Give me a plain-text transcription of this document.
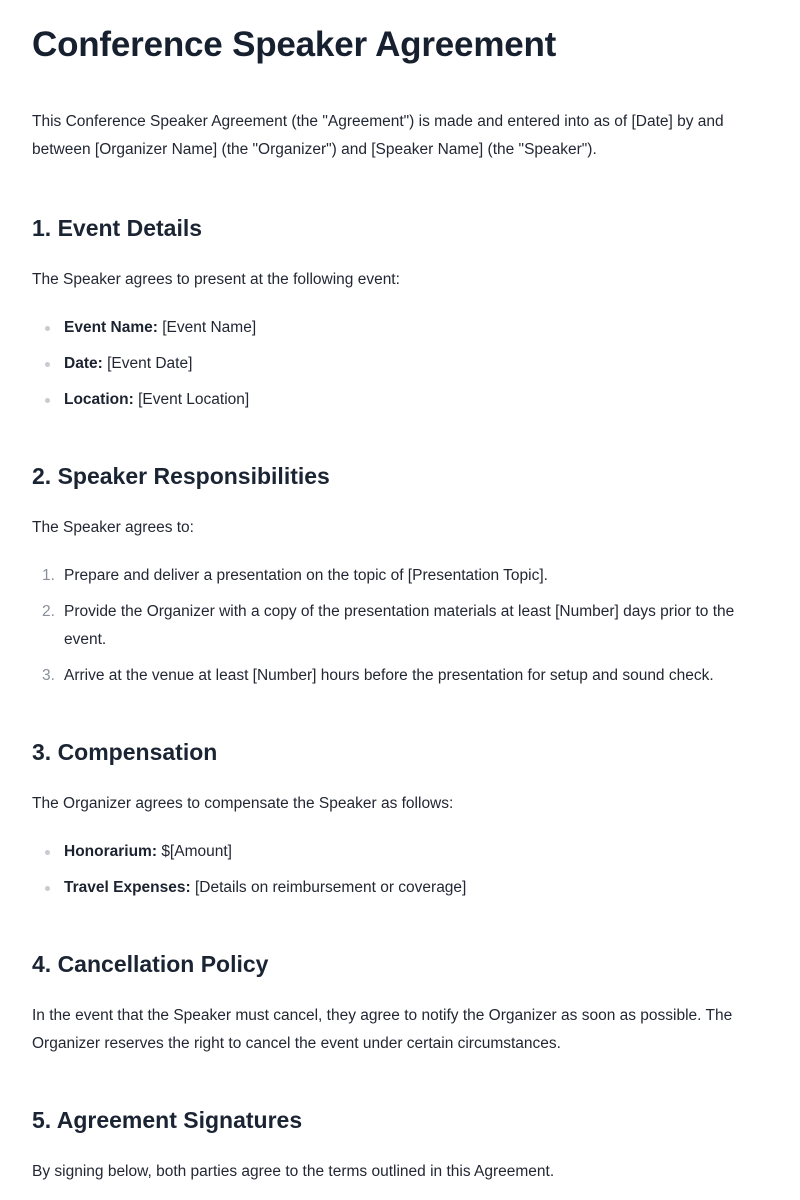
Conference Speaker Agreement

This Conference Speaker Agreement (the "Agreement") is made and entered into as of [Date] by and between [Organizer Name] (the "Organizer") and [Speaker Name] (the "Speaker").

1. Event Details

The Speaker agrees to present at the following event:

Event Name: [Event Name]
Date: [Event Date]
Location: [Event Location]
2. Speaker Responsibilities

The Speaker agrees to:

1. Prepare and deliver a presentation on the topic of [Presentation Topic].
2. Provide the Organizer with a copy of the presentation materials at least [Number] days prior to the event.
3. Arrive at the venue at least [Number] hours before the presentation for setup and sound check.
3. Compensation

The Organizer agrees to compensate the Speaker as follows:

Honorarium: $[Amount]
Travel Expenses: [Details on reimbursement or coverage]
4. Cancellation Policy

In the event that the Speaker must cancel, they agree to notify the Organizer as soon as possible. The Organizer reserves the right to cancel the event under certain circumstances.

5. Agreement Signatures

By signing below, both parties agree to the terms outlined in this Agreement.
